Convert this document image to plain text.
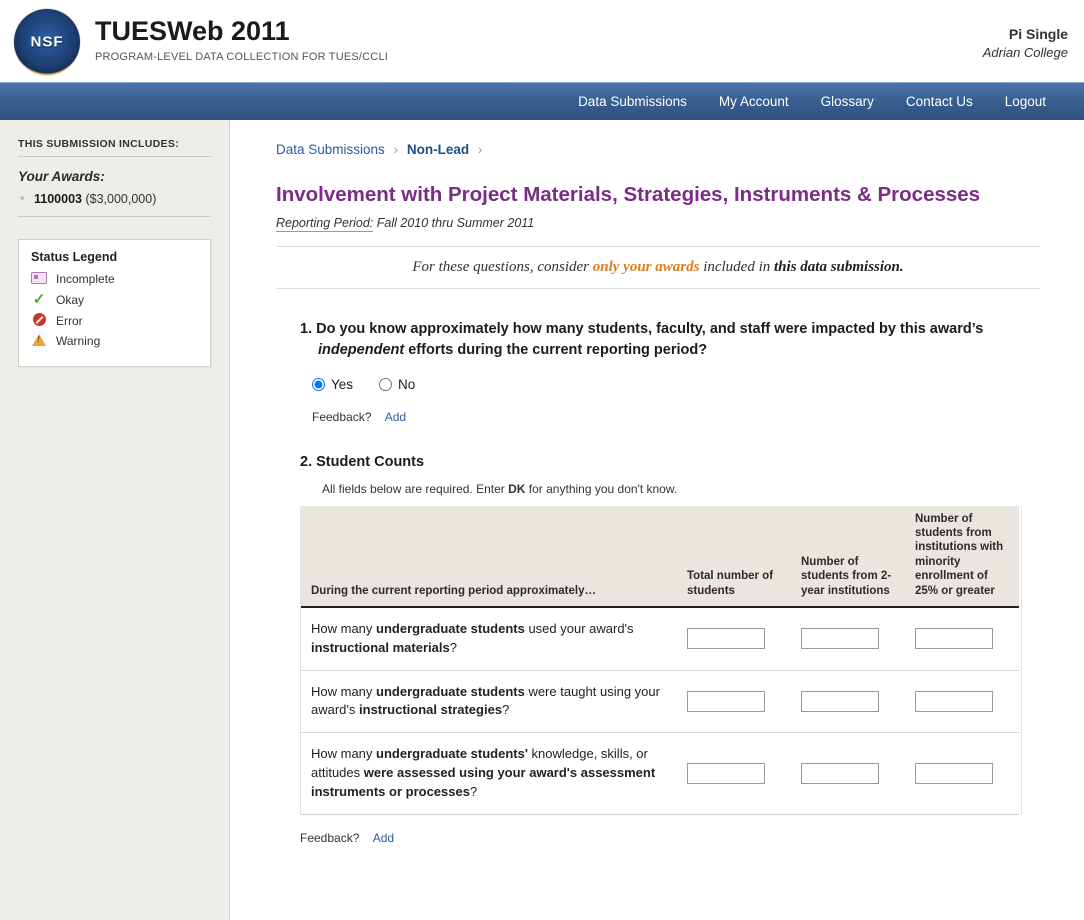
NSF
TUESWeb 2011
PROGRAM-LEVEL DATA COLLECTION FOR TUES/CCLI
Pi Single
Adrian College
Data Submissions	My Account	Glossary	Contact Us	Logout
THIS SUBMISSION INCLUDES:
Your Awards:
◦ 1100003 ($3,000,000)
Status Legend
Incomplete
✓ Okay
Error
!
Warning
Data Submissions › Non-Lead ›
Involvement with Project Materials, Strategies, Instruments & Processes
Reporting Period: Fall 2010 thru Summer 2011
For these questions, consider only your awards included in this data submission.
1. Do you know approximately how many students, faculty, and staff were impacted by this award’s independent efforts during the current reporting period?
Yes	No
Feedback? Add
2. Student Counts
All fields below are required. Enter DK for anything you don't know.
During the current reporting period approximately…	Total number of students	Number of students from 2-year institutions	Number of students from institutions with minority enrollment of 25% or greater
How many undergraduate students used your award's instructional materials?			
How many undergraduate students were taught using your award's instructional strategies?			
How many undergraduate students' knowledge, skills, or attitudes were assessed using your award's assessment instruments or processes?			
Feedback? Add
